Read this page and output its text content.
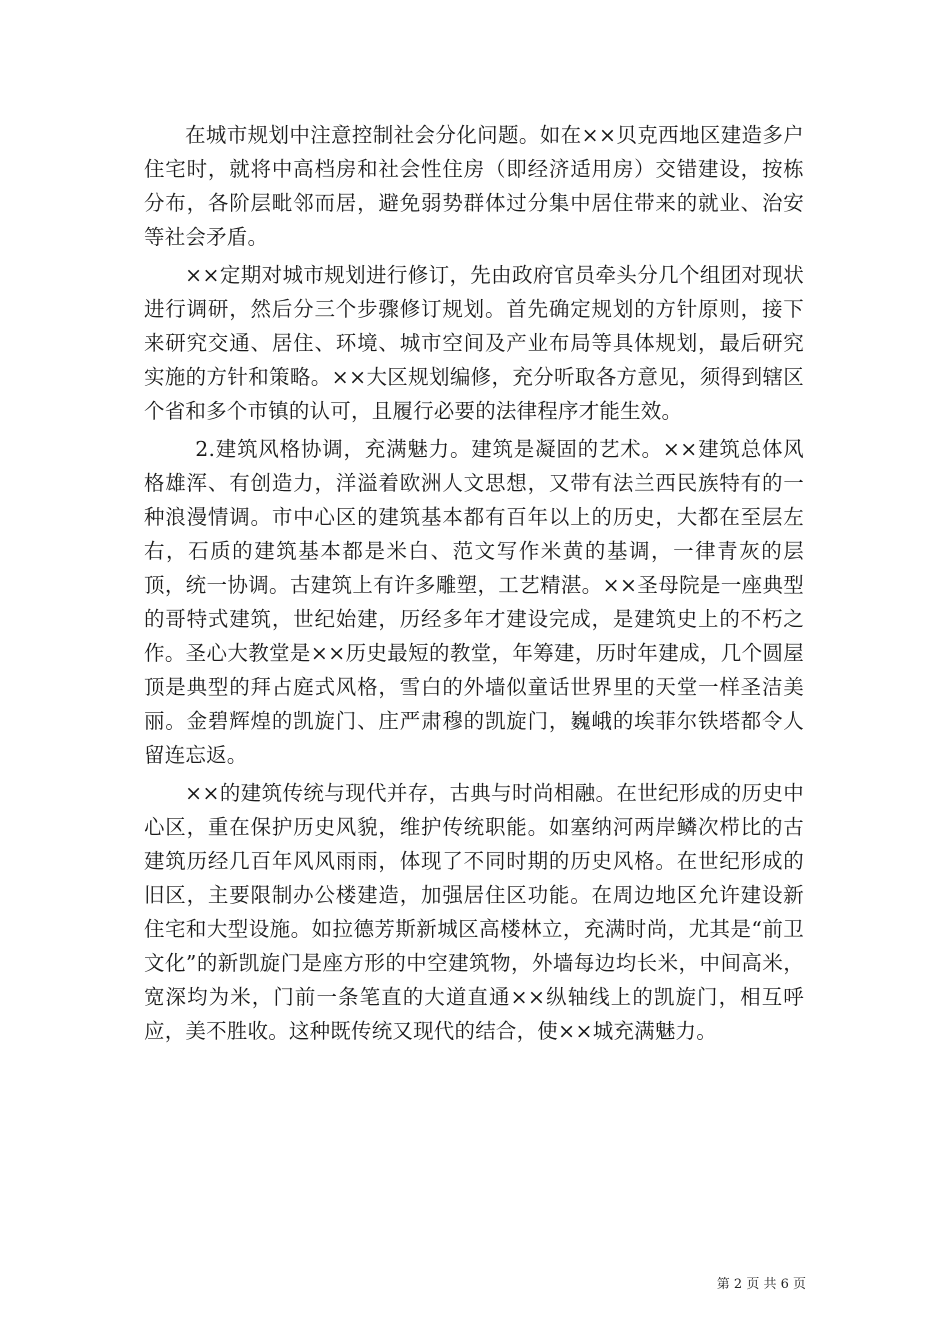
在城市规划中注意控制社会分化问题。如在××贝克西地区建造多户住宅时，就将中高档房和社会性住房（即经济适用房）交错建设，按栋分布，各阶层毗邻而居，避免弱势群体过分集中居住带来的就业、治安等社会矛盾。

××定期对城市规划进行修订，先由政府官员牵头分几个组团对现状进行调研，然后分三个步骤修订规划。首先确定规划的方针原则，接下来研究交通、居住、环境、城市空间及产业布局等具体规划，最后研究实施的方针和策略。××大区规划编修，充分听取各方意见，须得到辖区个省和多个市镇的认可，且履行必要的法律程序才能生效。

2.建筑风格协调，充满魅力。建筑是凝固的艺术。××建筑总体风格雄浑、有创造力，洋溢着欧洲人文思想，又带有法兰西民族特有的一种浪漫情调。市中心区的建筑基本都有百年以上的历史，大都在至层左右，石质的建筑基本都是米白、范文写作米黄的基调，一律青灰的层顶，统一协调。古建筑上有许多雕塑，工艺精湛。××圣母院是一座典型的哥特式建筑，世纪始建，历经多年才建设完成，是建筑史上的不朽之作。圣心大教堂是××历史最短的教堂，年筹建，历时年建成，几个圆屋顶是典型的拜占庭式风格，雪白的外墙似童话世界里的天堂一样圣洁美丽。金碧辉煌的凯旋门、庄严肃穆的凯旋门，巍峨的埃菲尔铁塔都令人留连忘返。

××的建筑传统与现代并存，古典与时尚相融。在世纪形成的历史中心区，重在保护历史风貌，维护传统职能。如塞纳河两岸鳞次栉比的古建筑历经几百年风风雨雨，体现了不同时期的历史风格。在世纪形成的旧区，主要限制办公楼建造，加强居住区功能。在周边地区允许建设新住宅和大型设施。如拉德芳斯新城区高楼林立，充满时尚，尤其是“前卫文化”的新凯旋门是座方形的中空建筑物，外墙每边均长米，中间高米，宽深均为米，门前一条笔直的大道直通××纵轴线上的凯旋门，相互呼应，美不胜收。这种既传统又现代的结合，使××城充满魅力。

第 2 页 共 6 页
